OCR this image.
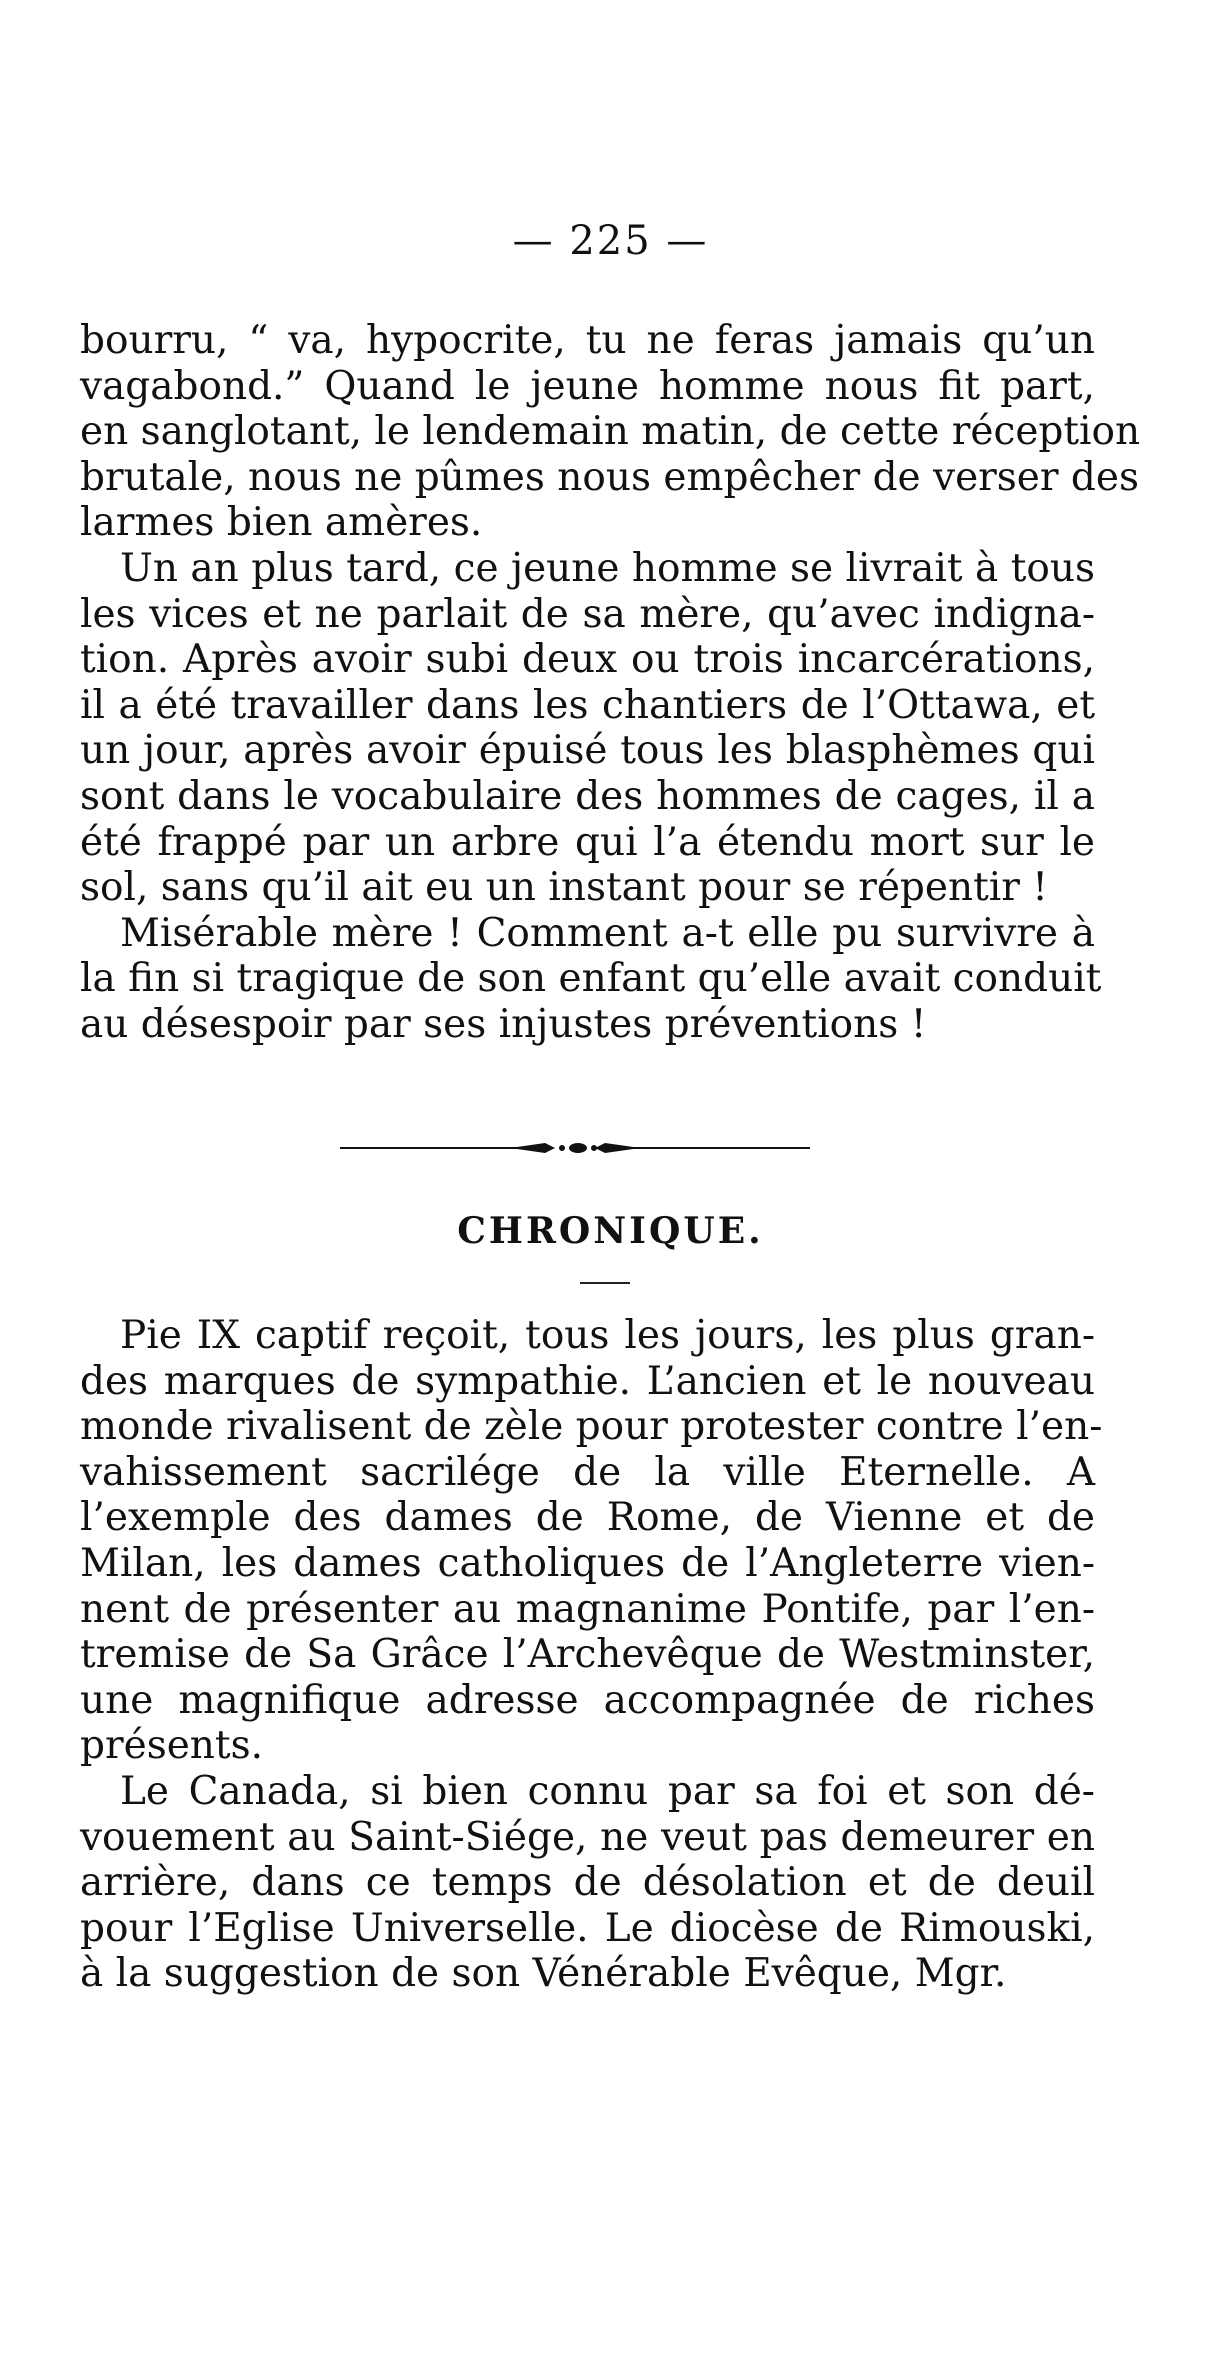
— 225 —
bourru, “ va, hypocrite, tu ne feras jamais qu’un
vagabond.” Quand le jeune homme nous fit part,
en sanglotant, le lendemain matin, de cette réception
brutale, nous ne pûmes nous empêcher de verser des
larmes bien amères.
Un an plus tard, ce jeune homme se livrait à tous
les vices et ne parlait de sa mère, qu’avec indigna-
tion. Après avoir subi deux ou trois incarcérations,
il a été travailler dans les chantiers de l’Ottawa, et
un jour, après avoir épuisé tous les blasphèmes qui
sont dans le vocabulaire des hommes de cages, il a
été frappé par un arbre qui l’a étendu mort sur le
sol, sans qu’il ait eu un instant pour se répentir !
Misérable mère ! Comment a-t elle pu survivre à
la fin si tragique de son enfant qu’elle avait conduit
au désespoir par ses injustes préventions !
CHRONIQUE.
Pie IX captif reçoit, tous les jours, les plus gran-
des marques de sympathie. L’ancien et le nouveau
monde rivalisent de zèle pour protester contre l’en-
vahissement sacrilége de la ville Eternelle. A
l’exemple des dames de Rome, de Vienne et de
Milan, les dames catholiques de l’Angleterre vien-
nent de présenter au magnanime Pontife, par l’en-
tremise de Sa Grâce l’Archevêque de Westminster,
une magnifique adresse accompagnée de riches
présents.
Le Canada, si bien connu par sa foi et son dé-
vouement au Saint-Siége, ne veut pas demeurer en
arrière, dans ce temps de désolation et de deuil
pour l’Eglise Universelle. Le diocèse de Rimouski,
à la suggestion de son Vénérable Evêque, Mgr.
